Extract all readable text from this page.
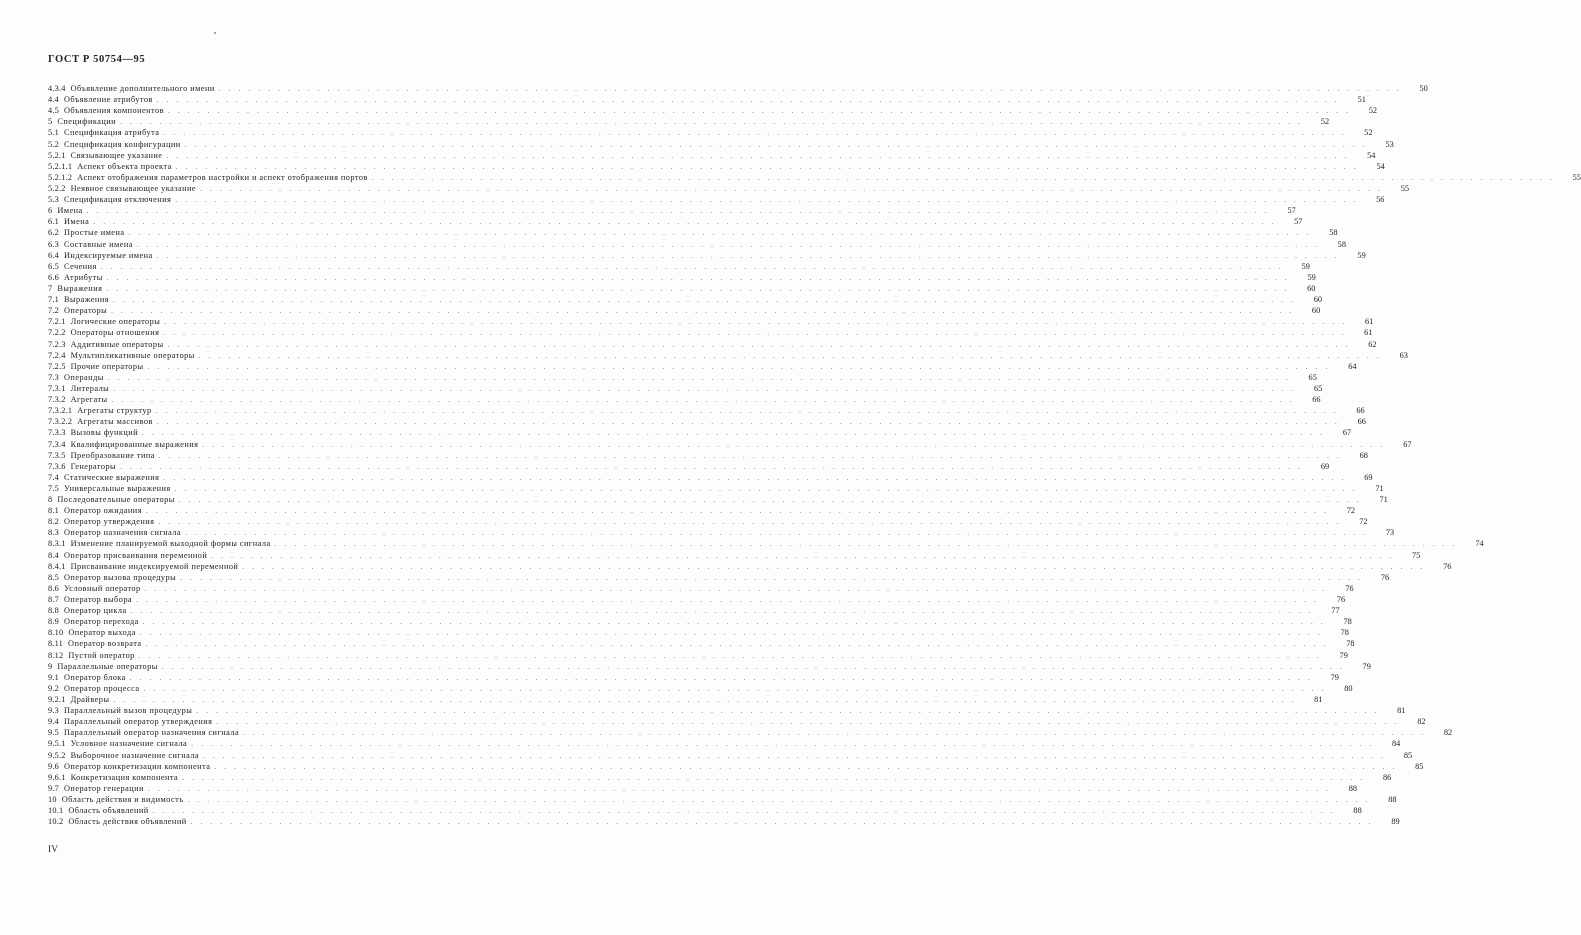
ГОСТ Р 50754—95
4.3.4 Объявление дополнительного имени . . . . . . . . . . . . . . . . . . . . . . . . . . . . . . . . . . . . . . . . . . . . . . . . . . . . . . . . . . . . . . . . . . . . . . . . . . . . . . . . . . . . . . . . . . . . . . . . . . . . . . . . . . . . . . . . . . . . . . . .	50
4.4 Объявление атрибутов . . . . . . . . . . . . . . . . . . . . . . . . . . . . . . . . . . . . . . . . . . . . . . . . . . . . . . . . . . . . . . . . . . . . . . . . . . . . . . . . . . . . . . . . . . . . . . . . . . . . . . . . . . . . . . . . . . . . . . . .	51
4.5 Объявления компонентов . . . . . . . . . . . . . . . . . . . . . . . . . . . . . . . . . . . . . . . . . . . . . . . . . . . . . . . . . . . . . . . . . . . . . . . . . . . . . . . . . . . . . . . . . . . . . . . . . . . . . . . . . . . . . . . . . . . . . . . .	52
5 Спецификации . . . . . . . . . . . . . . . . . . . . . . . . . . . . . . . . . . . . . . . . . . . . . . . . . . . . . . . . . . . . . . . . . . . . . . . . . . . . . . . . . . . . . . . . . . . . . . . . . . . . . . . . . . . . . . . . . . . . . . . .	52
5.1 Спецификация атрибута . . . . . . . . . . . . . . . . . . . . . . . . . . . . . . . . . . . . . . . . . . . . . . . . . . . . . . . . . . . . . . . . . . . . . . . . . . . . . . . . . . . . . . . . . . . . . . . . . . . . . . . . . . . . . . . . . . . . . . . .	52
5.2 Спецификация конфигурации . . . . . . . . . . . . . . . . . . . . . . . . . . . . . . . . . . . . . . . . . . . . . . . . . . . . . . . . . . . . . . . . . . . . . . . . . . . . . . . . . . . . . . . . . . . . . . . . . . . . . . . . . . . . . . . . . . . . . . . .	53
5.2.1 Связывающее указание . . . . . . . . . . . . . . . . . . . . . . . . . . . . . . . . . . . . . . . . . . . . . . . . . . . . . . . . . . . . . . . . . . . . . . . . . . . . . . . . . . . . . . . . . . . . . . . . . . . . . . . . . . . . . . . . . . . . . . . .	54
5.2.1.1 Аспект объекта проекта . . . . . . . . . . . . . . . . . . . . . . . . . . . . . . . . . . . . . . . . . . . . . . . . . . . . . . . . . . . . . . . . . . . . . . . . . . . . . . . . . . . . . . . . . . . . . . . . . . . . . . . . . . . . . . . . . . . . . . . .	54
5.2.1.2 Аспект отображения параметров настройки и аспект отображения портов . . . . . . . . . . . . . . . . . . . . . . . . . . . . . . . . . . . . . . . . . . . . . . . . . . . . . . . . . . . . . . . . . . . . . . . . . . . . . . . . . . . . . . . . . . . . . . . . . . . . . . . . . . . . . . . . . . . . . . . .	55
5.2.2 Неявное связывающее указание . . . . . . . . . . . . . . . . . . . . . . . . . . . . . . . . . . . . . . . . . . . . . . . . . . . . . . . . . . . . . . . . . . . . . . . . . . . . . . . . . . . . . . . . . . . . . . . . . . . . . . . . . . . . . . . . . . . . . . . .	55
5.3 Спецификация отключения . . . . . . . . . . . . . . . . . . . . . . . . . . . . . . . . . . . . . . . . . . . . . . . . . . . . . . . . . . . . . . . . . . . . . . . . . . . . . . . . . . . . . . . . . . . . . . . . . . . . . . . . . . . . . . . . . . . . . . . .	56
6 Имена . . . . . . . . . . . . . . . . . . . . . . . . . . . . . . . . . . . . . . . . . . . . . . . . . . . . . . . . . . . . . . . . . . . . . . . . . . . . . . . . . . . . . . . . . . . . . . . . . . . . . . . . . . . . . . . . . . . . . . . .	57
6.1 Имена . . . . . . . . . . . . . . . . . . . . . . . . . . . . . . . . . . . . . . . . . . . . . . . . . . . . . . . . . . . . . . . . . . . . . . . . . . . . . . . . . . . . . . . . . . . . . . . . . . . . . . . . . . . . . . . . . . . . . . . .	57
6.2 Простые имена . . . . . . . . . . . . . . . . . . . . . . . . . . . . . . . . . . . . . . . . . . . . . . . . . . . . . . . . . . . . . . . . . . . . . . . . . . . . . . . . . . . . . . . . . . . . . . . . . . . . . . . . . . . . . . . . . . . . . . . .	58
6.3 Составные имена . . . . . . . . . . . . . . . . . . . . . . . . . . . . . . . . . . . . . . . . . . . . . . . . . . . . . . . . . . . . . . . . . . . . . . . . . . . . . . . . . . . . . . . . . . . . . . . . . . . . . . . . . . . . . . . . . . . . . . . .	58
6.4 Индексируемые имена . . . . . . . . . . . . . . . . . . . . . . . . . . . . . . . . . . . . . . . . . . . . . . . . . . . . . . . . . . . . . . . . . . . . . . . . . . . . . . . . . . . . . . . . . . . . . . . . . . . . . . . . . . . . . . . . . . . . . . . .	59
6.5 Сечения . . . . . . . . . . . . . . . . . . . . . . . . . . . . . . . . . . . . . . . . . . . . . . . . . . . . . . . . . . . . . . . . . . . . . . . . . . . . . . . . . . . . . . . . . . . . . . . . . . . . . . . . . . . . . . . . . . . . . . . .	59
6.6 Атрибуты . . . . . . . . . . . . . . . . . . . . . . . . . . . . . . . . . . . . . . . . . . . . . . . . . . . . . . . . . . . . . . . . . . . . . . . . . . . . . . . . . . . . . . . . . . . . . . . . . . . . . . . . . . . . . . . . . . . . . . . .	59
7 Выражения . . . . . . . . . . . . . . . . . . . . . . . . . . . . . . . . . . . . . . . . . . . . . . . . . . . . . . . . . . . . . . . . . . . . . . . . . . . . . . . . . . . . . . . . . . . . . . . . . . . . . . . . . . . . . . . . . . . . . . . .	60
7.1 Выражения . . . . . . . . . . . . . . . . . . . . . . . . . . . . . . . . . . . . . . . . . . . . . . . . . . . . . . . . . . . . . . . . . . . . . . . . . . . . . . . . . . . . . . . . . . . . . . . . . . . . . . . . . . . . . . . . . . . . . . . .	60
7.2 Операторы . . . . . . . . . . . . . . . . . . . . . . . . . . . . . . . . . . . . . . . . . . . . . . . . . . . . . . . . . . . . . . . . . . . . . . . . . . . . . . . . . . . . . . . . . . . . . . . . . . . . . . . . . . . . . . . . . . . . . . . .	60
7.2.1 Логические операторы . . . . . . . . . . . . . . . . . . . . . . . . . . . . . . . . . . . . . . . . . . . . . . . . . . . . . . . . . . . . . . . . . . . . . . . . . . . . . . . . . . . . . . . . . . . . . . . . . . . . . . . . . . . . . . . . . . . . . . . .	61
7.2.2 Операторы отношения . . . . . . . . . . . . . . . . . . . . . . . . . . . . . . . . . . . . . . . . . . . . . . . . . . . . . . . . . . . . . . . . . . . . . . . . . . . . . . . . . . . . . . . . . . . . . . . . . . . . . . . . . . . . . . . . . . . . . . . .	61
7.2.3 Аддитивные операторы . . . . . . . . . . . . . . . . . . . . . . . . . . . . . . . . . . . . . . . . . . . . . . . . . . . . . . . . . . . . . . . . . . . . . . . . . . . . . . . . . . . . . . . . . . . . . . . . . . . . . . . . . . . . . . . . . . . . . . . .	62
7.2.4 Мультипликативные операторы . . . . . . . . . . . . . . . . . . . . . . . . . . . . . . . . . . . . . . . . . . . . . . . . . . . . . . . . . . . . . . . . . . . . . . . . . . . . . . . . . . . . . . . . . . . . . . . . . . . . . . . . . . . . . . . . . . . . . . . .	63
7.2.5 Прочие операторы . . . . . . . . . . . . . . . . . . . . . . . . . . . . . . . . . . . . . . . . . . . . . . . . . . . . . . . . . . . . . . . . . . . . . . . . . . . . . . . . . . . . . . . . . . . . . . . . . . . . . . . . . . . . . . . . . . . . . . . .	64
7.3 Операнды . . . . . . . . . . . . . . . . . . . . . . . . . . . . . . . . . . . . . . . . . . . . . . . . . . . . . . . . . . . . . . . . . . . . . . . . . . . . . . . . . . . . . . . . . . . . . . . . . . . . . . . . . . . . . . . . . . . . . . . .	65
7.3.1 Литералы . . . . . . . . . . . . . . . . . . . . . . . . . . . . . . . . . . . . . . . . . . . . . . . . . . . . . . . . . . . . . . . . . . . . . . . . . . . . . . . . . . . . . . . . . . . . . . . . . . . . . . . . . . . . . . . . . . . . . . . .	65
7.3.2 Агрегаты . . . . . . . . . . . . . . . . . . . . . . . . . . . . . . . . . . . . . . . . . . . . . . . . . . . . . . . . . . . . . . . . . . . . . . . . . . . . . . . . . . . . . . . . . . . . . . . . . . . . . . . . . . . . . . . . . . . . . . . .	66
7.3.2.1 Агрегаты структур . . . . . . . . . . . . . . . . . . . . . . . . . . . . . . . . . . . . . . . . . . . . . . . . . . . . . . . . . . . . . . . . . . . . . . . . . . . . . . . . . . . . . . . . . . . . . . . . . . . . . . . . . . . . . . . . . . . . . . . .	66
7.3.2.2 Агрегаты массивов . . . . . . . . . . . . . . . . . . . . . . . . . . . . . . . . . . . . . . . . . . . . . . . . . . . . . . . . . . . . . . . . . . . . . . . . . . . . . . . . . . . . . . . . . . . . . . . . . . . . . . . . . . . . . . . . . . . . . . . .	66
7.3.3 Вызовы функций . . . . . . . . . . . . . . . . . . . . . . . . . . . . . . . . . . . . . . . . . . . . . . . . . . . . . . . . . . . . . . . . . . . . . . . . . . . . . . . . . . . . . . . . . . . . . . . . . . . . . . . . . . . . . . . . . . . . . . . .	67
7.3.4 Квалифицированные выражения . . . . . . . . . . . . . . . . . . . . . . . . . . . . . . . . . . . . . . . . . . . . . . . . . . . . . . . . . . . . . . . . . . . . . . . . . . . . . . . . . . . . . . . . . . . . . . . . . . . . . . . . . . . . . . . . . . . . . . . .	67
7.3.5 Преобразование типа . . . . . . . . . . . . . . . . . . . . . . . . . . . . . . . . . . . . . . . . . . . . . . . . . . . . . . . . . . . . . . . . . . . . . . . . . . . . . . . . . . . . . . . . . . . . . . . . . . . . . . . . . . . . . . . . . . . . . . . .	68
7.3.6 Генераторы . . . . . . . . . . . . . . . . . . . . . . . . . . . . . . . . . . . . . . . . . . . . . . . . . . . . . . . . . . . . . . . . . . . . . . . . . . . . . . . . . . . . . . . . . . . . . . . . . . . . . . . . . . . . . . . . . . . . . . . .	69
7.4 Статические выражения . . . . . . . . . . . . . . . . . . . . . . . . . . . . . . . . . . . . . . . . . . . . . . . . . . . . . . . . . . . . . . . . . . . . . . . . . . . . . . . . . . . . . . . . . . . . . . . . . . . . . . . . . . . . . . . . . . . . . . . .	69
7.5 Универсальные выражения . . . . . . . . . . . . . . . . . . . . . . . . . . . . . . . . . . . . . . . . . . . . . . . . . . . . . . . . . . . . . . . . . . . . . . . . . . . . . . . . . . . . . . . . . . . . . . . . . . . . . . . . . . . . . . . . . . . . . . . .	71
8 Последовательные операторы . . . . . . . . . . . . . . . . . . . . . . . . . . . . . . . . . . . . . . . . . . . . . . . . . . . . . . . . . . . . . . . . . . . . . . . . . . . . . . . . . . . . . . . . . . . . . . . . . . . . . . . . . . . . . . . . . . . . . . . .	71
8.1 Оператор ожидания . . . . . . . . . . . . . . . . . . . . . . . . . . . . . . . . . . . . . . . . . . . . . . . . . . . . . . . . . . . . . . . . . . . . . . . . . . . . . . . . . . . . . . . . . . . . . . . . . . . . . . . . . . . . . . . . . . . . . . . .	72
8.2 Оператор утверждения . . . . . . . . . . . . . . . . . . . . . . . . . . . . . . . . . . . . . . . . . . . . . . . . . . . . . . . . . . . . . . . . . . . . . . . . . . . . . . . . . . . . . . . . . . . . . . . . . . . . . . . . . . . . . . . . . . . . . . . .	72
8.3 Оператор назначения сигнала . . . . . . . . . . . . . . . . . . . . . . . . . . . . . . . . . . . . . . . . . . . . . . . . . . . . . . . . . . . . . . . . . . . . . . . . . . . . . . . . . . . . . . . . . . . . . . . . . . . . . . . . . . . . . . . . . . . . . . . .	73
8.3.1 Изменение планируемой выходной формы сигнала . . . . . . . . . . . . . . . . . . . . . . . . . . . . . . . . . . . . . . . . . . . . . . . . . . . . . . . . . . . . . . . . . . . . . . . . . . . . . . . . . . . . . . . . . . . . . . . . . . . . . . . . . . . . . . . . . . . . . . . .	74
8.4 Оператор присваивания переменной . . . . . . . . . . . . . . . . . . . . . . . . . . . . . . . . . . . . . . . . . . . . . . . . . . . . . . . . . . . . . . . . . . . . . . . . . . . . . . . . . . . . . . . . . . . . . . . . . . . . . . . . . . . . . . . . . . . . . . . .	75
8.4.1 Присваивание индексируемой переменной . . . . . . . . . . . . . . . . . . . . . . . . . . . . . . . . . . . . . . . . . . . . . . . . . . . . . . . . . . . . . . . . . . . . . . . . . . . . . . . . . . . . . . . . . . . . . . . . . . . . . . . . . . . . . . . . . . . . . . . .	76
8.5 Оператор вызова процедуры . . . . . . . . . . . . . . . . . . . . . . . . . . . . . . . . . . . . . . . . . . . . . . . . . . . . . . . . . . . . . . . . . . . . . . . . . . . . . . . . . . . . . . . . . . . . . . . . . . . . . . . . . . . . . . . . . . . . . . . .	76
8.6 Условный оператор . . . . . . . . . . . . . . . . . . . . . . . . . . . . . . . . . . . . . . . . . . . . . . . . . . . . . . . . . . . . . . . . . . . . . . . . . . . . . . . . . . . . . . . . . . . . . . . . . . . . . . . . . . . . . . . . . . . . . . . .	76
8.7 Оператор выбора . . . . . . . . . . . . . . . . . . . . . . . . . . . . . . . . . . . . . . . . . . . . . . . . . . . . . . . . . . . . . . . . . . . . . . . . . . . . . . . . . . . . . . . . . . . . . . . . . . . . . . . . . . . . . . . . . . . . . . . .	76
8.8 Оператор цикла . . . . . . . . . . . . . . . . . . . . . . . . . . . . . . . . . . . . . . . . . . . . . . . . . . . . . . . . . . . . . . . . . . . . . . . . . . . . . . . . . . . . . . . . . . . . . . . . . . . . . . . . . . . . . . . . . . . . . . . .	77
8.9 Оператор перехода . . . . . . . . . . . . . . . . . . . . . . . . . . . . . . . . . . . . . . . . . . . . . . . . . . . . . . . . . . . . . . . . . . . . . . . . . . . . . . . . . . . . . . . . . . . . . . . . . . . . . . . . . . . . . . . . . . . . . . . .	78
8.10 Оператор выхода . . . . . . . . . . . . . . . . . . . . . . . . . . . . . . . . . . . . . . . . . . . . . . . . . . . . . . . . . . . . . . . . . . . . . . . . . . . . . . . . . . . . . . . . . . . . . . . . . . . . . . . . . . . . . . . . . . . . . . . .	78
8.11 Оператор возврата . . . . . . . . . . . . . . . . . . . . . . . . . . . . . . . . . . . . . . . . . . . . . . . . . . . . . . . . . . . . . . . . . . . . . . . . . . . . . . . . . . . . . . . . . . . . . . . . . . . . . . . . . . . . . . . . . . . . . . . .	78
8.12 Пустой оператор . . . . . . . . . . . . . . . . . . . . . . . . . . . . . . . . . . . . . . . . . . . . . . . . . . . . . . . . . . . . . . . . . . . . . . . . . . . . . . . . . . . . . . . . . . . . . . . . . . . . . . . . . . . . . . . . . . . . . . . .	79
9 Параллельные операторы . . . . . . . . . . . . . . . . . . . . . . . . . . . . . . . . . . . . . . . . . . . . . . . . . . . . . . . . . . . . . . . . . . . . . . . . . . . . . . . . . . . . . . . . . . . . . . . . . . . . . . . . . . . . . . . . . . . . . . . .	79
9.1 Оператор блока . . . . . . . . . . . . . . . . . . . . . . . . . . . . . . . . . . . . . . . . . . . . . . . . . . . . . . . . . . . . . . . . . . . . . . . . . . . . . . . . . . . . . . . . . . . . . . . . . . . . . . . . . . . . . . . . . . . . . . . .	79
9.2 Оператор процесса . . . . . . . . . . . . . . . . . . . . . . . . . . . . . . . . . . . . . . . . . . . . . . . . . . . . . . . . . . . . . . . . . . . . . . . . . . . . . . . . . . . . . . . . . . . . . . . . . . . . . . . . . . . . . . . . . . . . . . . .	80
9.2.1 Драйверы . . . . . . . . . . . . . . . . . . . . . . . . . . . . . . . . . . . . . . . . . . . . . . . . . . . . . . . . . . . . . . . . . . . . . . . . . . . . . . . . . . . . . . . . . . . . . . . . . . . . . . . . . . . . . . . . . . . . . . . .	81
9.3 Параллельный вызов процедуры . . . . . . . . . . . . . . . . . . . . . . . . . . . . . . . . . . . . . . . . . . . . . . . . . . . . . . . . . . . . . . . . . . . . . . . . . . . . . . . . . . . . . . . . . . . . . . . . . . . . . . . . . . . . . . . . . . . . . . . .	81
9.4 Параллельный оператор утверждения . . . . . . . . . . . . . . . . . . . . . . . . . . . . . . . . . . . . . . . . . . . . . . . . . . . . . . . . . . . . . . . . . . . . . . . . . . . . . . . . . . . . . . . . . . . . . . . . . . . . . . . . . . . . . . . . . . . . . . . .	82
9.5 Параллельный оператор назначения сигнала . . . . . . . . . . . . . . . . . . . . . . . . . . . . . . . . . . . . . . . . . . . . . . . . . . . . . . . . . . . . . . . . . . . . . . . . . . . . . . . . . . . . . . . . . . . . . . . . . . . . . . . . . . . . . . . . . . . . . . . .	82
9.5.1 Условное назначение сигнала . . . . . . . . . . . . . . . . . . . . . . . . . . . . . . . . . . . . . . . . . . . . . . . . . . . . . . . . . . . . . . . . . . . . . . . . . . . . . . . . . . . . . . . . . . . . . . . . . . . . . . . . . . . . . . . . . . . . . . . .	84
9.5.2 Выборочное назначение сигнала . . . . . . . . . . . . . . . . . . . . . . . . . . . . . . . . . . . . . . . . . . . . . . . . . . . . . . . . . . . . . . . . . . . . . . . . . . . . . . . . . . . . . . . . . . . . . . . . . . . . . . . . . . . . . . . . . . . . . . . .	85
9.6 Оператор конкретизации компонента . . . . . . . . . . . . . . . . . . . . . . . . . . . . . . . . . . . . . . . . . . . . . . . . . . . . . . . . . . . . . . . . . . . . . . . . . . . . . . . . . . . . . . . . . . . . . . . . . . . . . . . . . . . . . . . . . . . . . . . .	85
9.6.1 Конкретизация компонента . . . . . . . . . . . . . . . . . . . . . . . . . . . . . . . . . . . . . . . . . . . . . . . . . . . . . . . . . . . . . . . . . . . . . . . . . . . . . . . . . . . . . . . . . . . . . . . . . . . . . . . . . . . . . . . . . . . . . . . .	86
9.7 Оператор генерации . . . . . . . . . . . . . . . . . . . . . . . . . . . . . . . . . . . . . . . . . . . . . . . . . . . . . . . . . . . . . . . . . . . . . . . . . . . . . . . . . . . . . . . . . . . . . . . . . . . . . . . . . . . . . . . . . . . . . . . .	88
10 Область действия и видимость . . . . . . . . . . . . . . . . . . . . . . . . . . . . . . . . . . . . . . . . . . . . . . . . . . . . . . . . . . . . . . . . . . . . . . . . . . . . . . . . . . . . . . . . . . . . . . . . . . . . . . . . . . . . . . . . . . . . . . . .	88
10.1 Область объявлений . . . . . . . . . . . . . . . . . . . . . . . . . . . . . . . . . . . . . . . . . . . . . . . . . . . . . . . . . . . . . . . . . . . . . . . . . . . . . . . . . . . . . . . . . . . . . . . . . . . . . . . . . . . . . . . . . . . . . . . .	88
10.2 Область действия объявлений . . . . . . . . . . . . . . . . . . . . . . . . . . . . . . . . . . . . . . . . . . . . . . . . . . . . . . . . . . . . . . . . . . . . . . . . . . . . . . . . . . . . . . . . . . . . . . . . . . . . . . . . . . . . . . . . . . . . . . . .	89
IV
